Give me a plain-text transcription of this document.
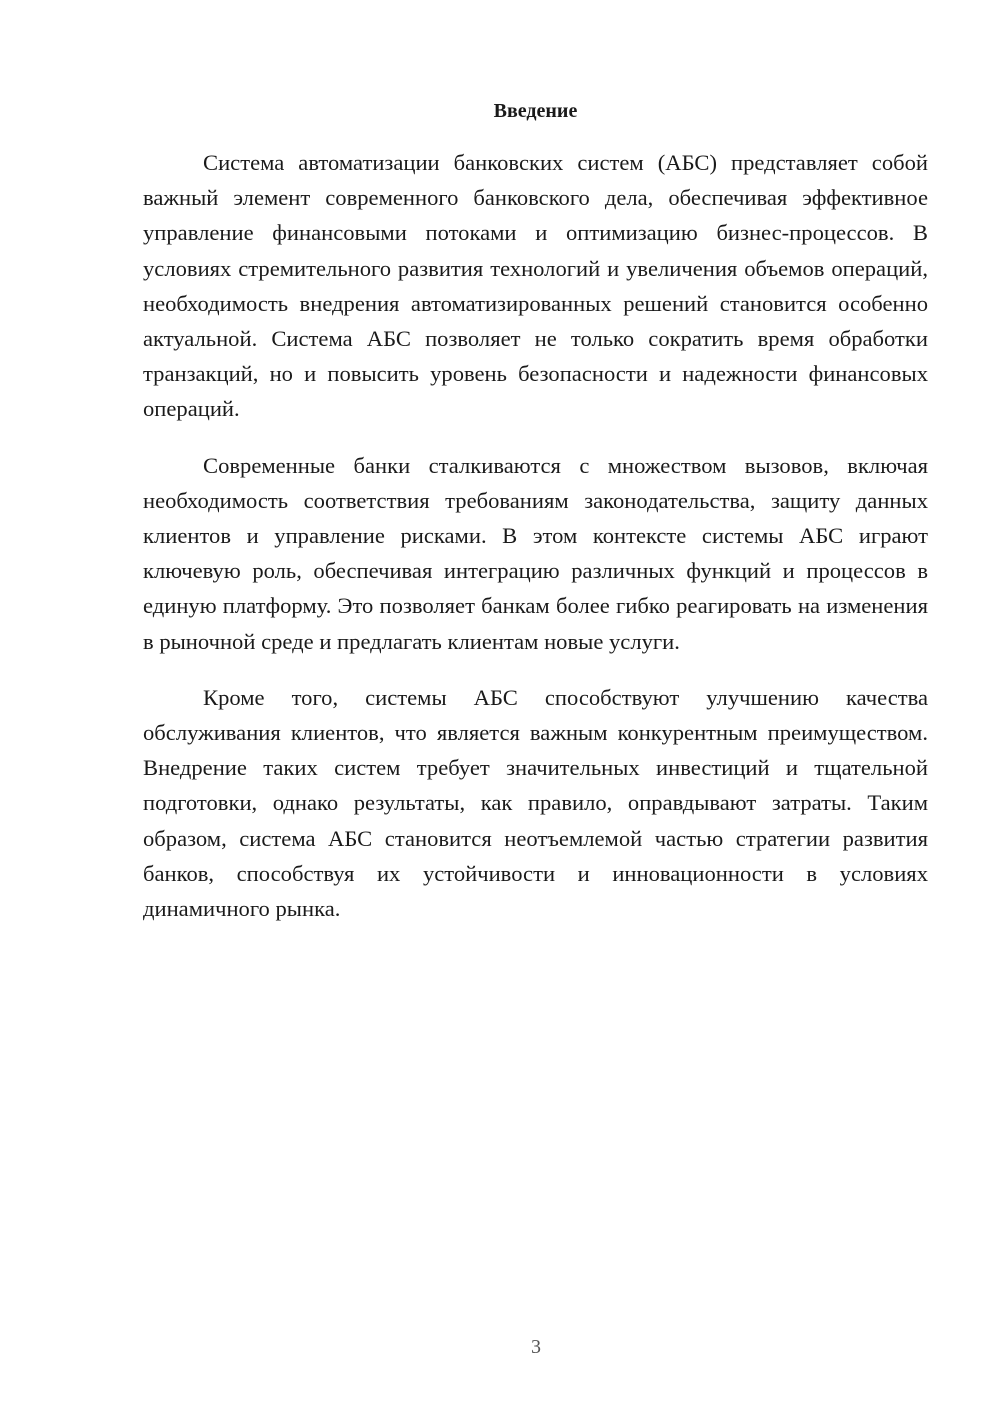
Введение

Система автоматизации банковских систем (АБС) представляет собой важный элемент современного банковского дела, обеспечивая эффективное управление финансовыми потоками и оптимизацию бизнес-процессов. В условиях стремительного развития технологий и увеличения объемов операций, необходимость внедрения автоматизированных решений становится особенно актуальной. Система АБС позволяет не только сократить время обработки транзакций, но и повысить уровень безопасности и надежности финансовых операций.

Современные банки сталкиваются с множеством вызовов, включая необходимость соответствия требованиям законодательства, защиту данных клиентов и управление рисками. В этом контексте системы АБС играют ключевую роль, обеспечивая интеграцию различных функций и процессов в единую платформу. Это позволяет банкам более гибко реагировать на изменения в рыночной среде и предлагать клиентам новые услуги.

Кроме того, системы АБС способствуют улучшению качества обслуживания клиентов, что является важным конкурентным преимуществом. Внедрение таких систем требует значительных инвестиций и тщательной подготовки, однако результаты, как правило, оправдывают затраты. Таким образом, система АБС становится неотъемлемой частью стратегии развития банков, способствуя их устойчивости и инновационности в условиях динамичного рынка.

3
